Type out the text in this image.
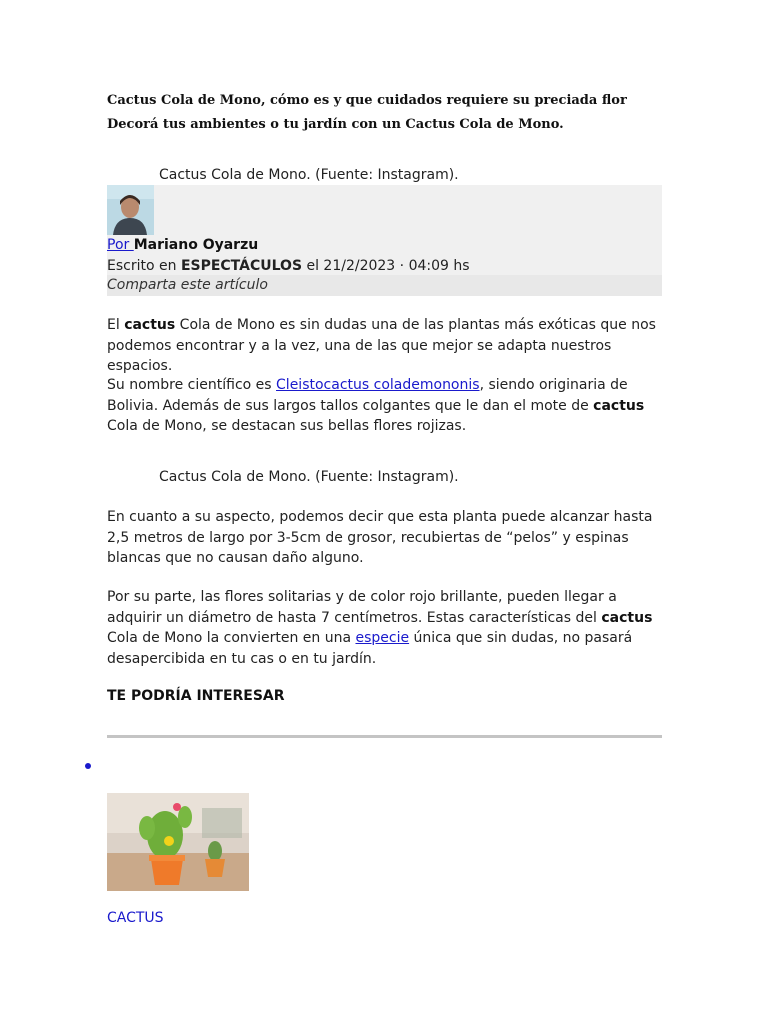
Cactus Cola de Mono, cómo es y que cuidados requiere su preciada flor
Decorá tus ambientes o tu jardín con un Cactus Cola de Mono.
Cactus Cola de Mono. (Fuente: Instagram).
Por Mariano Oyarzu
Escrito en ESPECTÁCULOS el 21/2/2023 · 04:09 hs
Comparta este artículo
El cactus Cola de Mono es sin dudas una de las plantas más exóticas que nos podemos encontrar y a la vez, una de las que mejor se adapta nuestros espacios.
Su nombre científico es Cleistocactus colademononis, siendo originaria de Bolivia. Además de sus largos tallos colgantes que le dan el mote de cactus Cola de Mono, se destacan sus bellas flores rojizas.
Cactus Cola de Mono. (Fuente: Instagram).
En cuanto a su aspecto, podemos decir que esta planta puede alcanzar hasta 2,5 metros de largo por 3-5cm de grosor, recubiertas de “pelos” y espinas blancas que no causan daño alguno.
Por su parte, las flores solitarias y de color rojo brillante, pueden llegar a adquirir un diámetro de hasta 7 centímetros. Estas características del cactus Cola de Mono la convierten en una especie única que sin dudas, no pasará desapercibida en tu cas o en tu jardín.
TE PODRÍA INTERESAR
CACTUS
